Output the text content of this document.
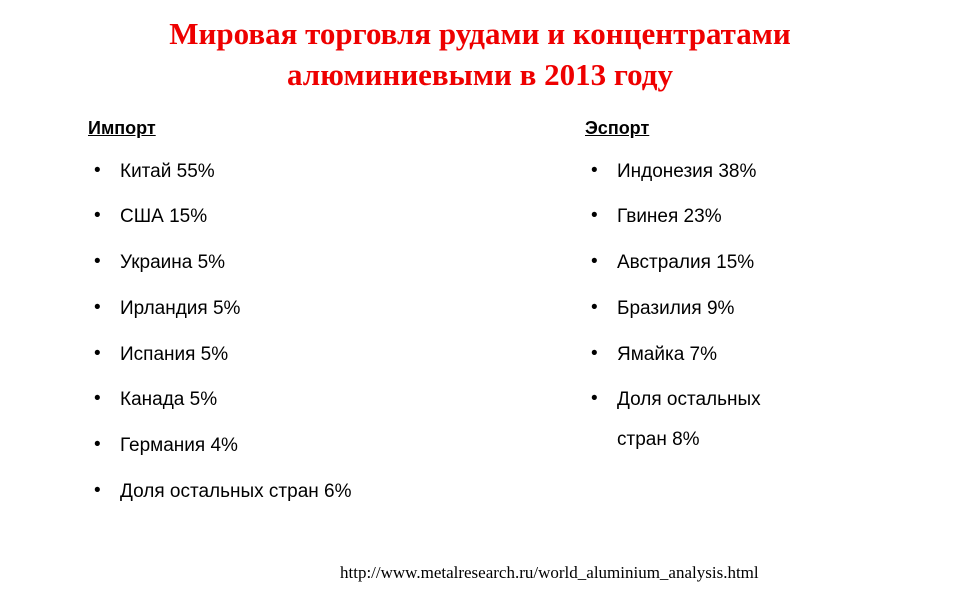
Мировая торговля рудами и концентратами
алюминиевыми в 2013 году
Импорт
• Китай 55%
• США 15%
• Украина 5%
• Ирландия 5%
• Испания 5%
• Канада 5%
• Германия 4%
• Доля остальных стран 6%
Эспорт
• Индонезия 38%
• Гвинея 23%
• Австралия 15%
• Бразилия 9%
• Ямайка 7%
• Доля остальных
стран 8%
http://www.metalresearch.ru/world_aluminium_analysis.html
